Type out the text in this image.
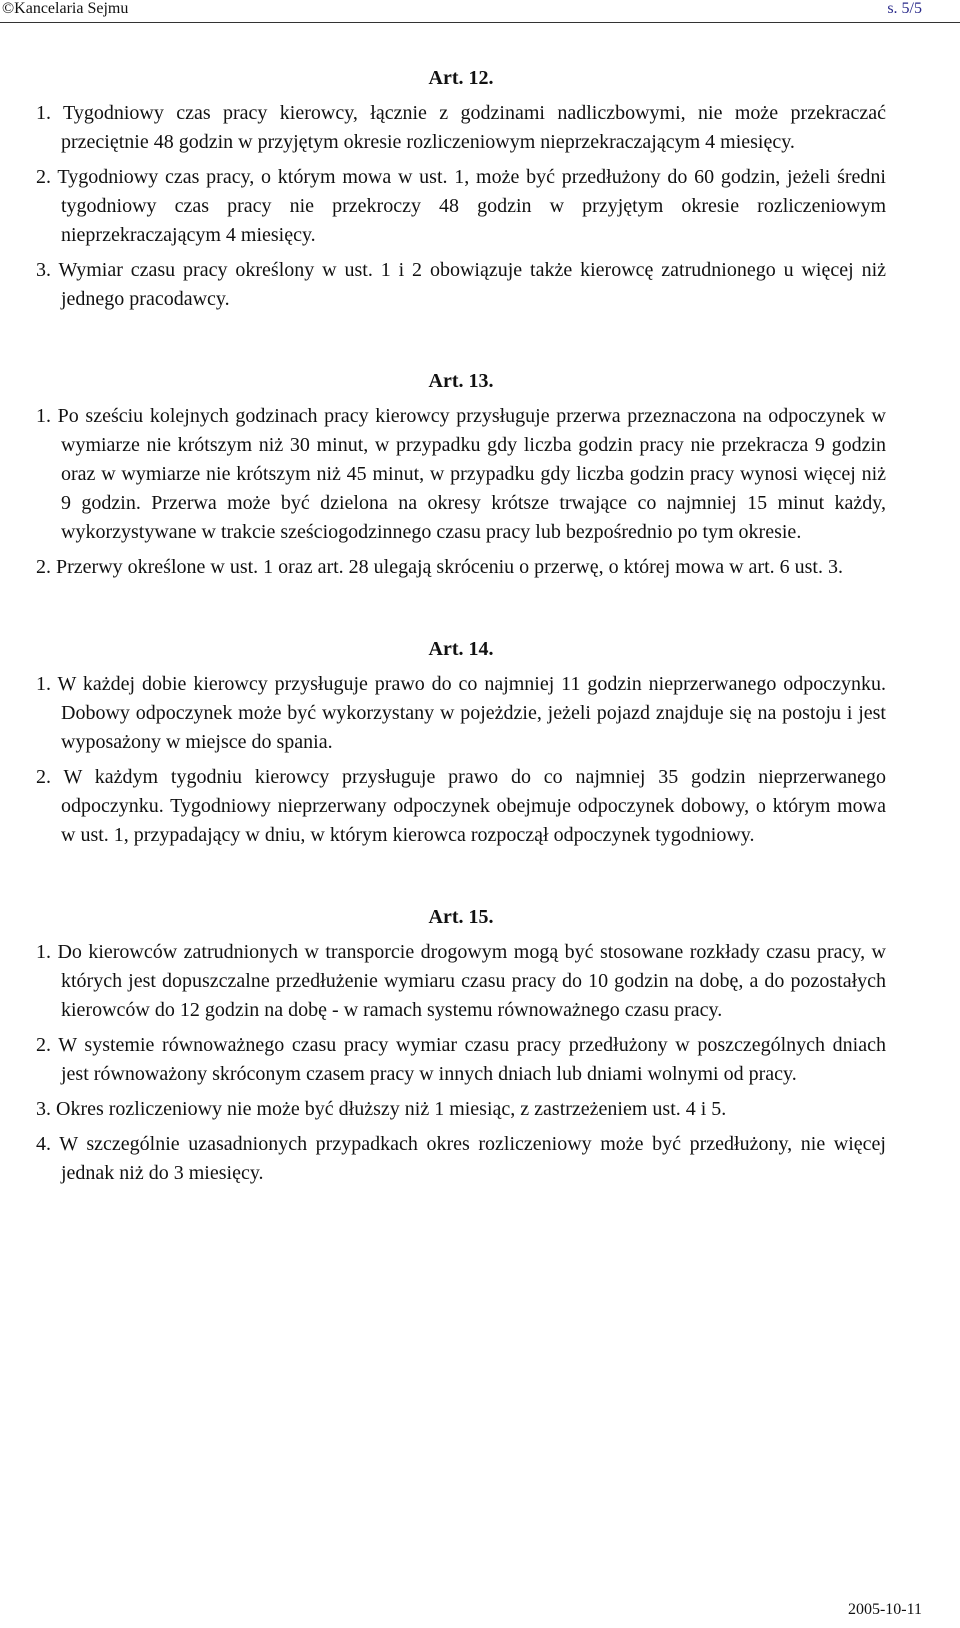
©Kancelaria Sejmu	s. 5/5
Art. 12.

1. Tygodniowy czas pracy kierowcy, łącznie z godzinami nadliczbowymi, nie może przekraczać przeciętnie 48 godzin w przyjętym okresie rozliczeniowym nieprzekraczającym 4 miesięcy.

2. Tygodniowy czas pracy, o którym mowa w ust. 1, może być przedłużony do 60 godzin, jeżeli średni tygodniowy czas pracy nie przekroczy 48 godzin w przyjętym okresie rozliczeniowym nieprzekraczającym 4 miesięcy.

3. Wymiar czasu pracy określony w ust. 1 i 2 obowiązuje także kierowcę zatrudnionego u więcej niż jednego pracodawcy.

Art. 13.

1. Po sześciu kolejnych godzinach pracy kierowcy przysługuje przerwa przeznaczona na odpoczynek w wymiarze nie krótszym niż 30 minut, w przypadku gdy liczba godzin pracy nie przekracza 9 godzin oraz w wymiarze nie krótszym niż 45 minut, w przypadku gdy liczba godzin pracy wynosi więcej niż 9 godzin. Przerwa może być dzielona na okresy krótsze trwające co najmniej 15 minut każdy, wykorzystywane w trakcie sześciogodzinnego czasu pracy lub bezpośrednio po tym okresie.

2. Przerwy określone w ust. 1 oraz art. 28 ulegają skróceniu o przerwę, o której mowa w art. 6 ust. 3.

Art. 14.

1. W każdej dobie kierowcy przysługuje prawo do co najmniej 11 godzin nieprzerwanego odpoczynku. Dobowy odpoczynek może być wykorzystany w pojeżdzie, jeżeli pojazd znajduje się na postoju i jest wyposażony w miejsce do spania.

2. W każdym tygodniu kierowcy przysługuje prawo do co najmniej 35 godzin nieprzerwanego odpoczynku. Tygodniowy nieprzerwany odpoczynek obejmuje odpoczynek dobowy, o którym mowa w ust. 1, przypadający w dniu, w którym kierowca rozpoczął odpoczynek tygodniowy.

Art. 15.

1. Do kierowców zatrudnionych w transporcie drogowym mogą być stosowane rozkłady czasu pracy, w których jest dopuszczalne przedłużenie wymiaru czasu pracy do 10 godzin na dobę, a do pozostałych kierowców do 12 godzin na dobę - w ramach systemu równoważnego czasu pracy.

2. W systemie równoważnego czasu pracy wymiar czasu pracy przedłużony w poszczególnych dniach jest równoważony skróconym czasem pracy w innych dniach lub dniami wolnymi od pracy.

3. Okres rozliczeniowy nie może być dłuższy niż 1 miesiąc, z zastrzeżeniem ust. 4 i 5.

4. W szczególnie uzasadnionych przypadkach okres rozliczeniowy może być przedłużony, nie więcej jednak niż do 3 miesięcy.

2005-10-11
